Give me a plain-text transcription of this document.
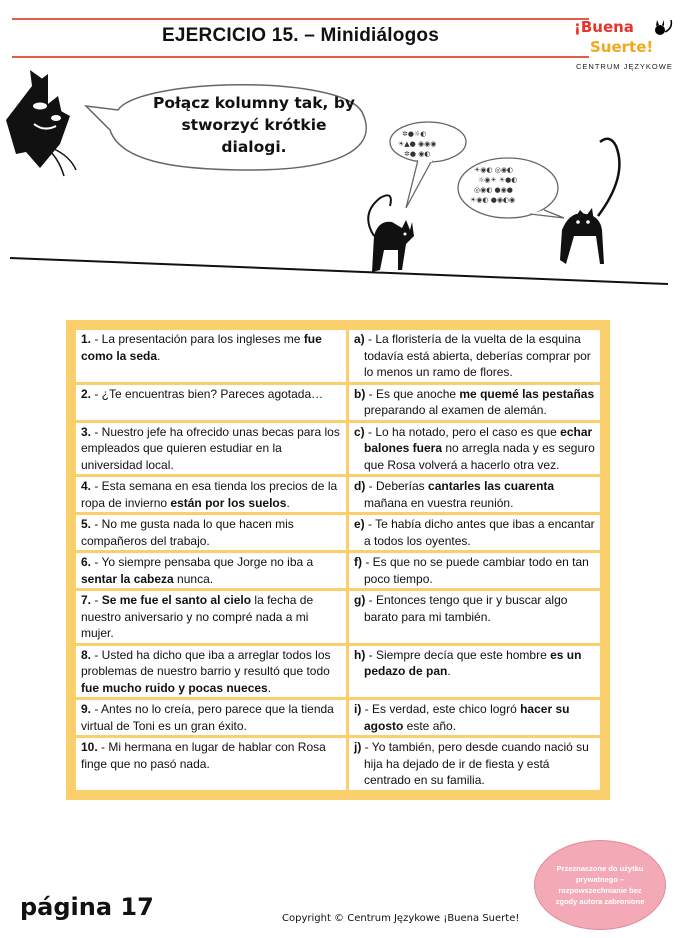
EJERCICIO 15. – Minidiálogos	¡Buena
Suerte!
CENTRUM JĘZYKOWE
✲●☼◐
☀▲● ◉◉◉
✲● ◉◐
☀◉◐ ◎◉◐
☼◉☀ ☀●◐
◎◉◐ ●◉●
☀◉◐ ●◉◐◉
Połącz kolumny tak, by
stworzyć krótkie dialogi.
1. - La presentación para los ingleses me fue como la seda.	a) - La floristería de la vuelta de la esquina todavía está abierta, deberías comprar por lo menos un ramo de flores.

2. - ¿Te encuentras bien? Pareces agotada…	b) - Es que anoche me quemé las pestañas preparando al examen de alemán.

3. - Nuestro jefe ha ofrecido unas becas para los empleados que quieren estudiar en la universidad local.	c) - Lo ha notado, pero el caso es que echar balones fuera no arregla nada y es seguro que Rosa volverá a hacerlo otra vez.

4. - Esta semana en esa tienda los precios de la ropa de invierno están por los suelos.	d) - Deberías cantarles las cuarenta mañana en vuestra reunión.

5. - No me gusta nada lo que hacen mis compañeros del trabajo.	e) - Te había dicho antes que ibas a encantar a todos los oyentes.

6. - Yo siempre pensaba que Jorge no iba a sentar la cabeza nunca.	f) - Es que no se puede cambiar todo en tan poco tiempo.

7. - Se me fue el santo al cielo la fecha de nuestro aniversario y no compré nada a mi mujer.	g) - Entonces tengo que ir y buscar algo barato para mi también.

8. - Usted ha dicho que iba a arreglar todos los problemas de nuestro barrio y resultó que todo fue mucho ruido y pocas nueces.	h) - Siempre decía que este hombre es un pedazo de pan.

9. - Antes no lo creía, pero parece que la tienda virtual de Toni es un gran éxito.	i) - Es verdad, este chico logró hacer su agosto este año.

10. - Mi hermana en lugar de hablar con Rosa finge que no pasó nada.	j) - Yo también, pero desde cuando nació su hija ha dejado de ir de fiesta y está centrado en su familia.
página 17	Copyright © Centrum Językowe ¡Buena Suerte!
Przeznaczone do użytku prywatnego – rozpowszechnianie bez zgody autora zabronione
